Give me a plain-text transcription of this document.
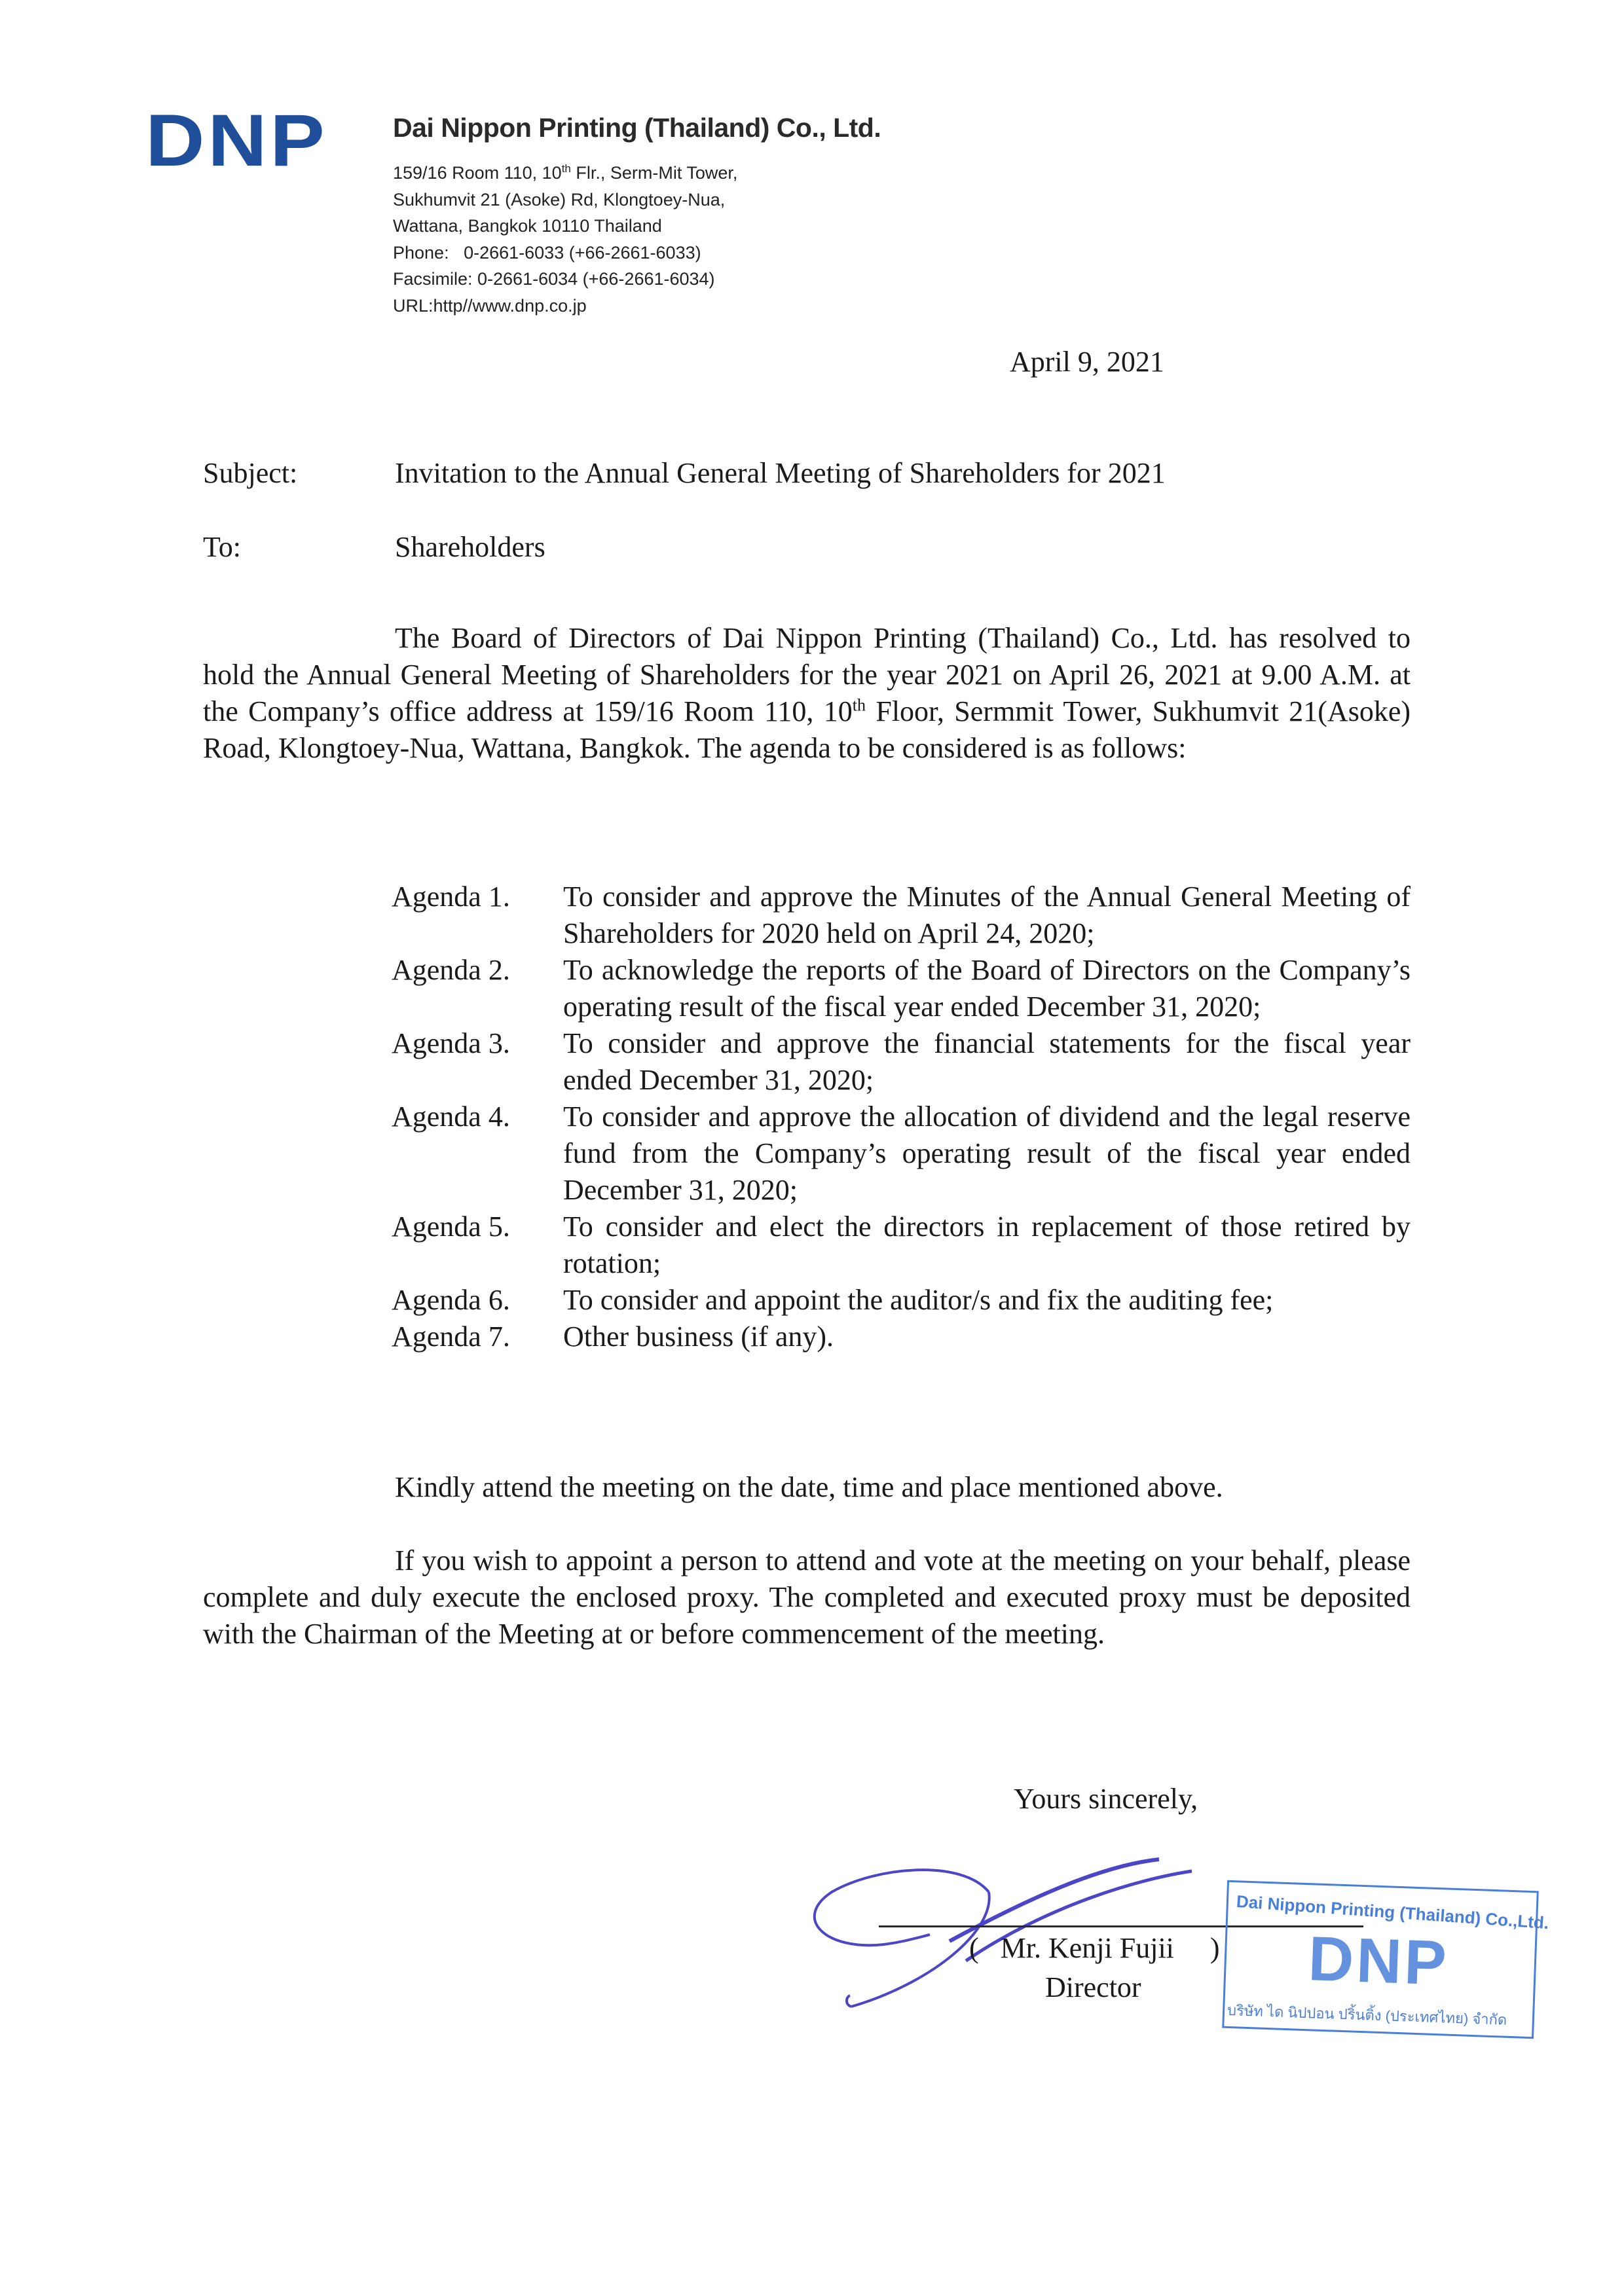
DNP Dai Nippon Printing (Thailand) Co., Ltd.
159/16 Room 110, 10th Flr., Serm-Mit Tower,
Sukhumvit 21 (Asoke) Rd, Klongtoey-Nua,
Wattana, Bangkok 10110 Thailand
Phone:   0-2661-6033 (+66-2661-6033)
Facsimile: 0-2661-6034 (+66-2661-6034)
URL:http//www.dnp.co.jp
April 9, 2021
Subject:	Invitation to the Annual General Meeting of Shareholders for 2021
To:	Shareholders
The Board of Directors of Dai Nippon Printing (Thailand) Co., Ltd. has resolved to hold the Annual General Meeting of Shareholders for the year 2021 on April 26, 2021 at 9.00 A.M. at the Company’s office address at 159/16 Room 110, 10th Floor, Sermmit Tower, Sukhumvit 21(Asoke) Road, Klongtoey-Nua, Wattana, Bangkok. The agenda to be considered is as follows:
Agenda 1.	To consider and approve the Minutes of the Annual General Meeting of Shareholders for 2020 held on April 24, 2020;
Agenda 2.	To acknowledge the reports of the Board of Directors on the Company’s operating result of the fiscal year ended December 31, 2020;
Agenda 3.	To consider and approve the financial statements for the fiscal year ended December 31, 2020;
Agenda 4.	To consider and approve the allocation of dividend and the legal reserve fund from the Company’s operating result of the fiscal year ended December 31, 2020;
Agenda 5.	To consider and elect the directors in replacement of those retired by rotation;
Agenda 6.	To consider and appoint the auditor/s and fix the auditing fee;
Agenda 7.	Other business (if any).
Kindly attend the meeting on the date, time and place mentioned above.
If you wish to appoint a person to attend and vote at the meeting on your behalf, please complete and duly execute the enclosed proxy. The completed and executed proxy must be deposited with the Chairman of the Meeting at or before commencement of the meeting.
Yours sincerely,
(   Mr. Kenji Fujii     )
Director
Dai Nippon Printing (Thailand) Co.,Ltd.
DNP
บริษัท ได นิปปอน ปริ้นติ้ง (ประเทศไทย) จำกัด
